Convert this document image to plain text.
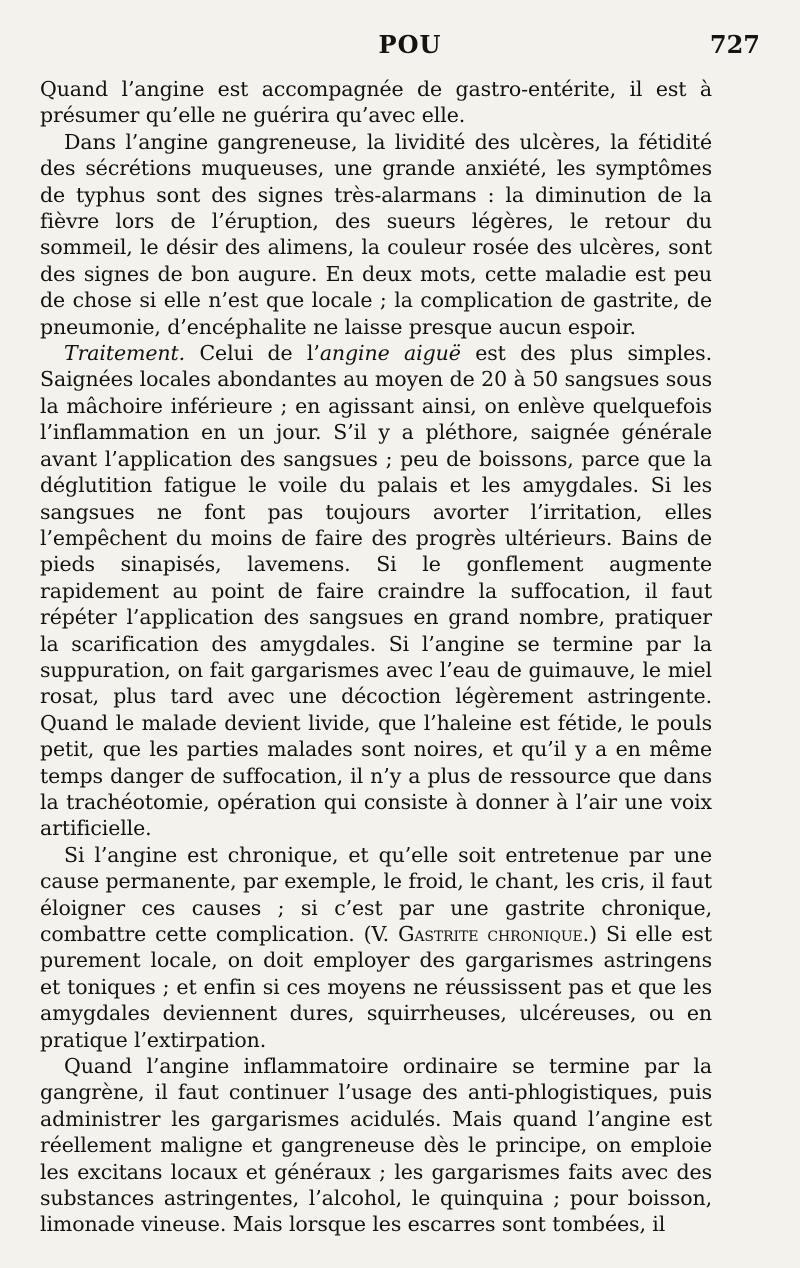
POU	727

Quand l’angine est accompagnée de gastro-entérite, il est à présumer qu’elle ne guérira qu’avec elle.

Dans l’angine gangreneuse, la lividité des ulcères, la fétidité des sécrétions muqueuses, une grande anxiété, les symptômes de typhus sont des signes très-alarmans : la diminution de la fièvre lors de l’éruption, des sueurs légères, le retour du sommeil, le désir des alimens, la couleur rosée des ulcères, sont des signes de bon augure. En deux mots, cette maladie est peu de chose si elle n’est que locale ; la complication de gastrite, de pneumonie, d’encéphalite ne laisse presque aucun espoir.

Traitement. Celui de l’angine aiguë est des plus simples. Saignées locales abondantes au moyen de 20 à 50 sangsues sous la mâchoire inférieure ; en agissant ainsi, on enlève quelquefois l’inflammation en un jour. S’il y a pléthore, saignée générale avant l’application des sangsues ; peu de boissons, parce que la déglutition fatigue le voile du palais et les amygdales. Si les sangsues ne font pas toujours avorter l’irritation, elles l’empêchent du moins de faire des progrès ultérieurs. Bains de pieds sinapisés, lavemens. Si le gonflement augmente rapidement au point de faire craindre la suffocation, il faut répéter l’application des sangsues en grand nombre, pratiquer la scarification des amygdales. Si l’angine se termine par la suppuration, on fait gargarismes avec l’eau de guimauve, le miel rosat, plus tard avec une décoction légèrement astringente. Quand le malade devient livide, que l’haleine est fétide, le pouls petit, que les parties malades sont noires, et qu’il y a en même temps danger de suffocation, il n’y a plus de ressource que dans la trachéotomie, opération qui consiste à donner à l’air une voix artificielle.

Si l’angine est chronique, et qu’elle soit entretenue par une cause permanente, par exemple, le froid, le chant, les cris, il faut éloigner ces causes ; si c’est par une gastrite chronique, combattre cette complication. (V. Gastrite chronique.) Si elle est purement locale, on doit employer des gargarismes astringens et toniques ; et enfin si ces moyens ne réussissent pas et que les amygdales deviennent dures, squirrheuses, ulcéreuses, ou en pratique l’extirpation.

Quand l’angine inflammatoire ordinaire se termine par la gangrène, il faut continuer l’usage des anti-phlogistiques, puis administrer les gargarismes acidulés. Mais quand l’angine est réellement maligne et gangreneuse dès le principe, on emploie les excitans locaux et généraux ; les gargarismes faits avec des substances astringentes, l’alcohol, le quinquina ; pour boisson, limonade vineuse. Mais lorsque les escarres sont tombées, il
